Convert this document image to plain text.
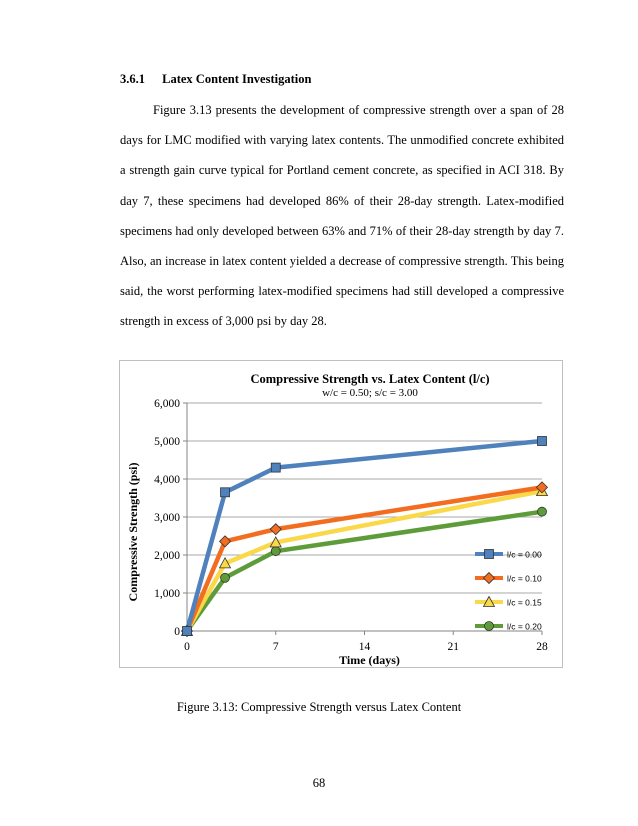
3.6.1 Latex Content Investigation
Figure 3.13 presents the development of compressive strength over a span of 28 days for LMC modified with varying latex contents. The unmodified concrete exhibited a strength gain curve typical for Portland cement concrete, as specified in ACI 318. By day 7, these specimens had developed 86% of their 28-day strength. Latex-modified specimens had only developed between 63% and 71% of their 28-day strength by day 7. Also, an increase in latex content yielded a decrease of compressive strength. This being said, the worst performing latex-modified specimens had still developed a compressive strength in excess of 3,000 psi by day 28.
Compressive Strength vs. Latex Content (l/c)
w/c = 0.50; s/c = 3.00
0
1,000
2,000
3,000
4,000
5,000
6,000
0	7	14	21	28
Time (days)
Compressive Strength (psi)	l/c = 0.00
l/c = 0.10
l/c = 0.15
l/c = 0.20
Figure 3.13: Compressive Strength versus Latex Content
68
